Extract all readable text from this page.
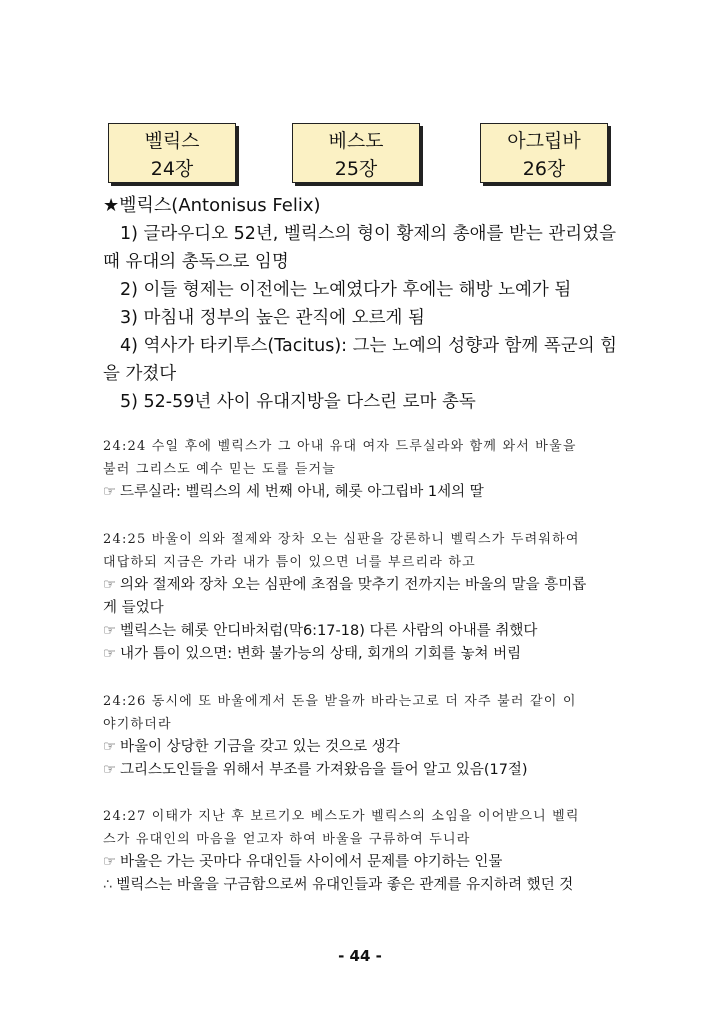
벨릭스
24장
베스도
25장
아그립바
26장
★벨릭스(Antonisus Felix)
1) 글라우디오 52년, 벨릭스의 형이 황제의 총애를 받는 관리였을
때 유대의 총독으로 임명
2) 이들 형제는 이전에는 노예였다가 후에는 해방 노예가 됨
3) 마침내 정부의 높은 관직에 오르게 됨
4) 역사가 타키투스(Tacitus): 그는 노예의 성향과 함께 폭군의 힘
을 가졌다
5) 52-59년 사이 유대지방을 다스린 로마 총독
24:24 수일 후에 벨릭스가 그 아내 유대 여자 드루실라와 함께 와서 바울을
불러 그리스도 예수 믿는 도를 듣거늘
☞ 드루실라: 벨릭스의 세 번째 아내, 헤롯 아그립바 1세의 딸
24:25 바울이 의와 절제와 장차 오는 심판을 강론하니 벨릭스가 두려워하여
대답하되 지금은 가라 내가 틈이 있으면 너를 부르리라 하고
☞ 의와 절제와 장차 오는 심판에 초점을 맞추기 전까지는 바울의 말을 흥미롭
게 들었다
☞ 벨릭스는 헤롯 안디바처럼(막6:17-18) 다른 사람의 아내를 취했다
☞ 내가 틈이 있으면: 변화 불가능의 상태, 회개의 기회를 놓쳐 버림
24:26 동시에 또 바울에게서 돈을 받을까 바라는고로 더 자주 불러 같이 이
야기하더라
☞ 바울이 상당한 기금을 갖고 있는 것으로 생각
☞ 그리스도인들을 위해서 부조를 가져왔음을 들어 알고 있음(17절)
24:27 이태가 지난 후 보르기오 베스도가 벨릭스의 소임을 이어받으니 벨릭
스가 유대인의 마음을 얻고자 하여 바울을 구류하여 두니라
☞ 바울은 가는 곳마다 유대인들 사이에서 문제를 야기하는 인물
∴ 벨릭스는 바울을 구금함으로써 유대인들과 좋은 관계를 유지하려 했던 것
- 44 -
